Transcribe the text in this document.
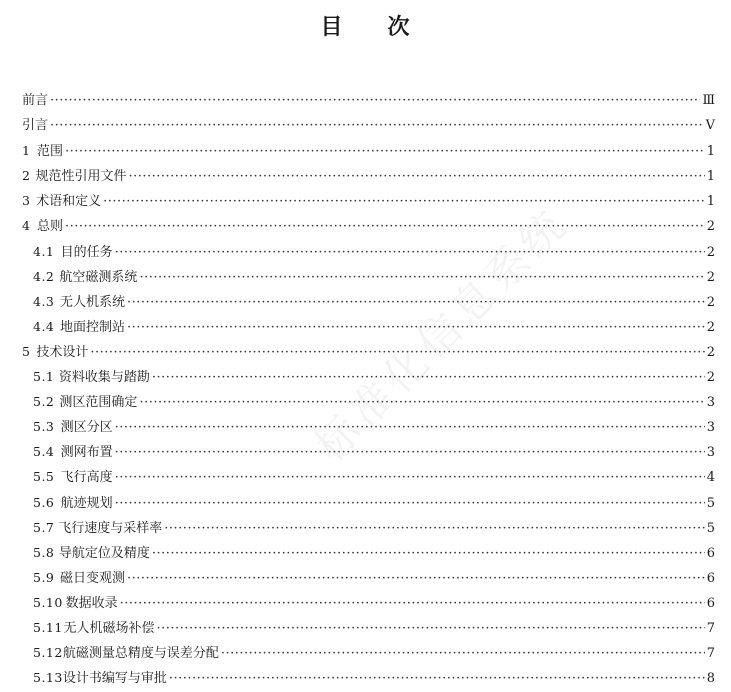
目 次
标准化信息系统
前言 ·····	Ⅲ
引言 ·····	V
1 范围 ·····	1
2 规范性引用文件 ·····	1
3 术语和定义 ·····	1
4 总则 ·····	2
4.1 目的任务 ·····	2
4.2 航空磁测系统 ·····	2
4.3 无人机系统 ·····	2
4.4 地面控制站 ·····	2
5 技术设计 ·····	2
5.1 资料收集与踏勘 ·····	2
5.2 测区范围确定 ·····	3
5.3 测区分区 ·····	3
5.4 测网布置 ·····	3
5.5 飞行高度 ·····	4
5.6 航迹规划 ·····	5
5.7 飞行速度与采样率 ·····	5
5.8 导航定位及精度 ·····	6
5.9 磁日变观测 ·····	6
5.10 数据收录 ·····	6
5.11 无人机磁场补偿 ·····	7
5.12 航磁测量总精度与误差分配 ·····	7
5.13 设计书编写与审批 ·····	8
